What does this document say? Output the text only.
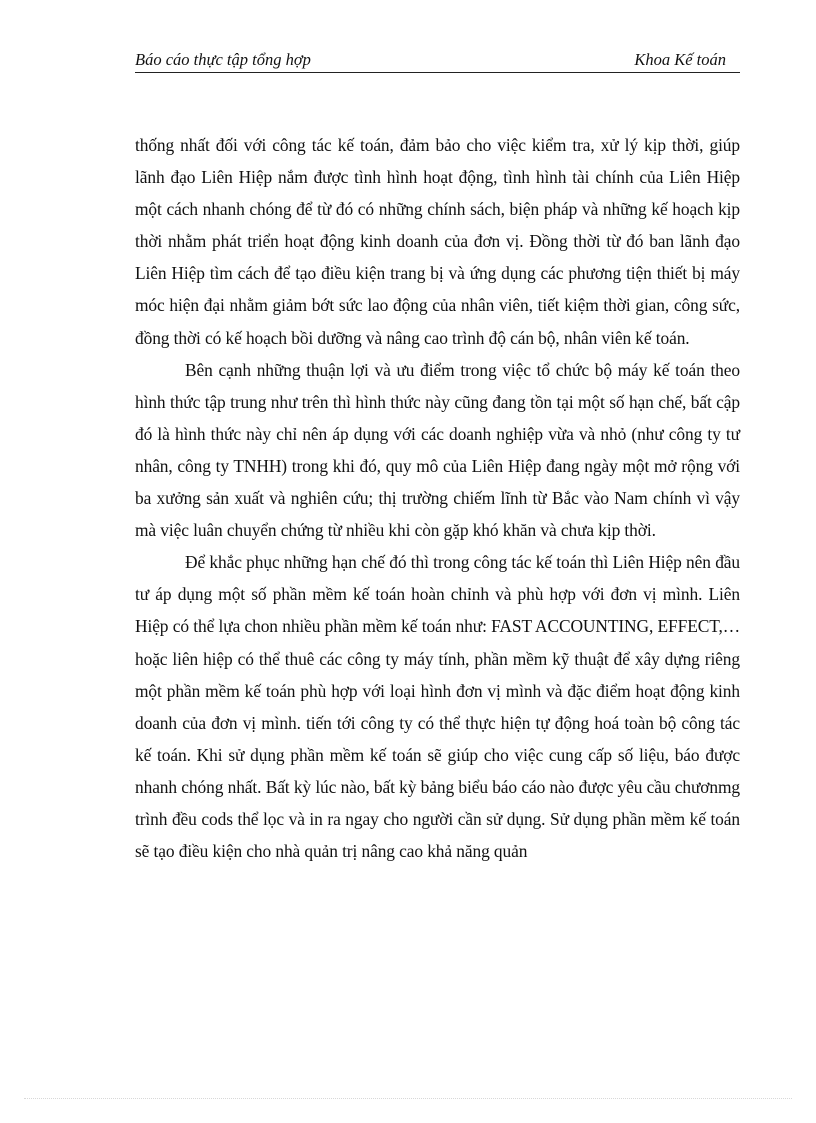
Báo cáo thực tập tổng hợp	Khoa Kế toán

thống nhất đối với công tác kế toán, đảm bảo cho việc kiểm tra, xử lý kịp thời, giúp lãnh đạo Liên Hiệp nắm được tình hình hoạt động, tình hình tài chính của Liên Hiệp một cách nhanh chóng để từ đó có những chính sách, biện pháp và những kế hoạch kịp thời nhằm phát triển hoạt động kinh doanh của đơn vị. Đồng thời từ đó ban lãnh đạo Liên Hiệp tìm cách để tạo điều kiện trang bị và ứng dụng các phương tiện thiết bị máy móc hiện đại nhằm giảm bớt sức lao động của nhân viên, tiết kiệm thời gian, công sức, đồng thời có kế hoạch bồi dưỡng và nâng cao trình độ cán bộ, nhân viên kế toán.

Bên cạnh những thuận lợi và ưu điểm trong việc tổ chức bộ máy kế toán theo hình thức tập trung như trên thì hình thức này cũng đang tồn tại một số hạn chế, bất cập đó là hình thức này chỉ nên áp dụng với các doanh nghiệp vừa và nhỏ (như công ty tư nhân, công ty TNHH) trong khi đó, quy mô của Liên Hiệp đang ngày một mở rộng với ba xưởng sản xuất và nghiên cứu; thị trường chiếm lĩnh từ Bắc vào Nam chính vì vậy mà việc luân chuyển chứng từ nhiều khi còn gặp khó khăn và chưa kịp thời.

Để khắc phục những hạn chế đó thì trong công tác kế toán thì Liên Hiệp nên đầu tư áp dụng một số phần mềm kế toán hoàn chỉnh và phù hợp với đơn vị mình. Liên Hiệp có thể lựa chon nhiều phần mềm kế toán như: FAST ACCOUNTING, EFFECT,… hoặc liên hiệp có thể thuê các công ty máy tính, phần mềm kỹ thuật để xây dựng riêng một phần mềm kế toán phù hợp với loại hình đơn vị mình và đặc điểm hoạt động kinh doanh của đơn vị mình. tiến tới công ty có thể thực hiện tự động hoá toàn bộ công tác kế toán. Khi sử dụng phần mềm kế toán sẽ giúp cho việc cung cấp số liệu, báo được nhanh chóng nhất. Bất kỳ lúc nào, bất kỳ bảng biểu báo cáo nào được yêu cầu chươnmg trình đều cods thể lọc và in ra ngay cho người cần sử dụng. Sử dụng phần mềm kế toán sẽ tạo điều kiện cho nhà quản trị nâng cao khả năng quản
